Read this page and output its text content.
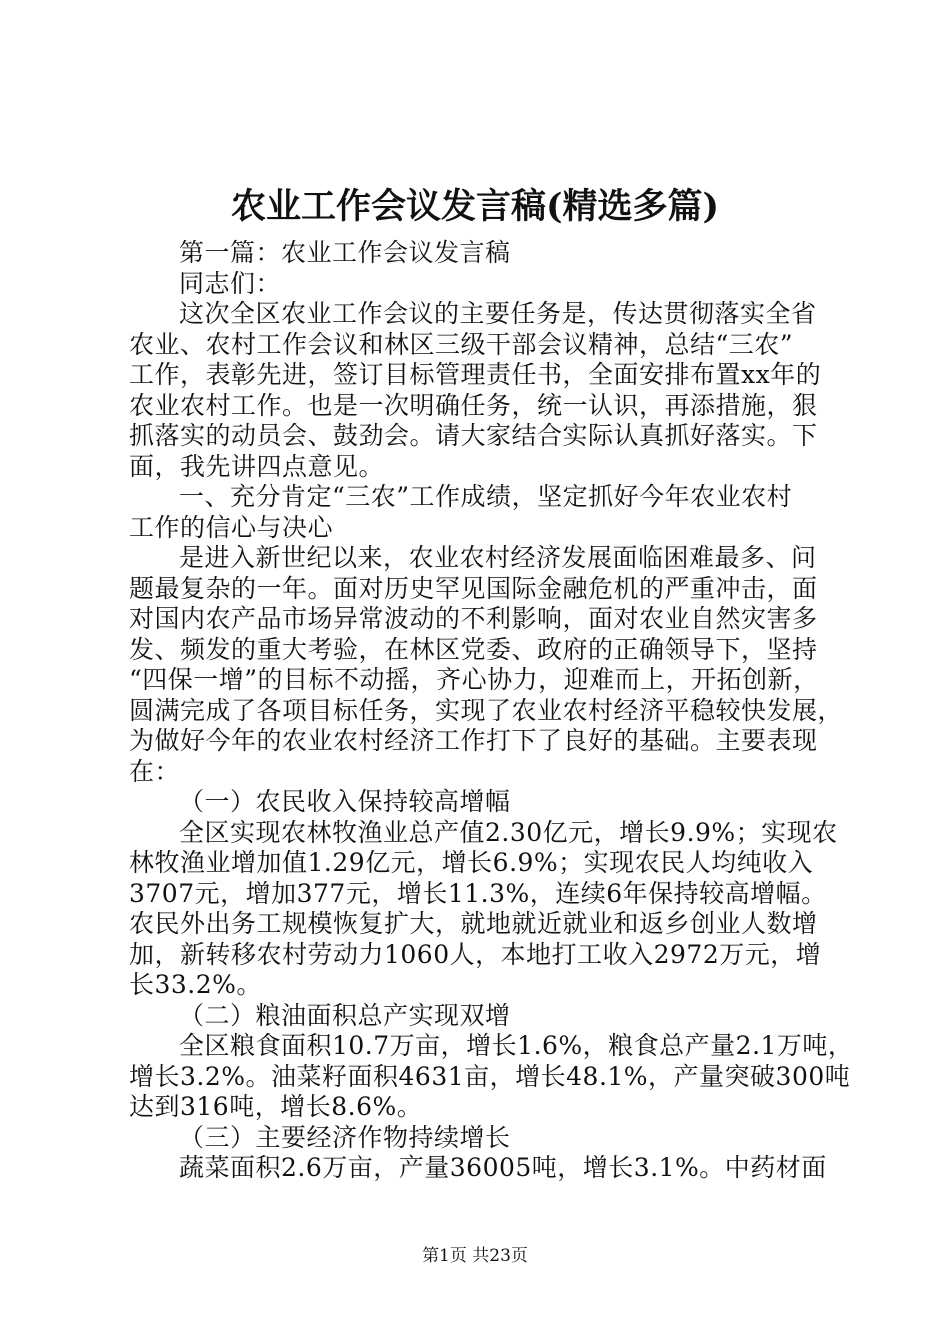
农业工作会议发言稿(精选多篇)
第一篇：农业工作会议发言稿
同志们：
这次全区农业工作会议的主要任务是，传达贯彻落实全省
农业、农村工作会议和林区三级干部会议精神，总结“三农”
工作，表彰先进，签订目标管理责任书，全面安排布置xx年的
农业农村工作。也是一次明确任务，统一认识，再添措施，狠
抓落实的动员会、鼓劲会。请大家结合实际认真抓好落实。下
面，我先讲四点意见。
一、充分肯定“三农”工作成绩，坚定抓好今年农业农村
工作的信心与决心
是进入新世纪以来，农业农村经济发展面临困难最多、问
题最复杂的一年。面对历史罕见国际金融危机的严重冲击，面
对国内农产品市场异常波动的不利影响，面对农业自然灾害多
发、频发的重大考验，在林区党委、政府的正确领导下，坚持
“四保一增”的目标不动摇，齐心协力，迎难而上，开拓创新，
圆满完成了各项目标任务，实现了农业农村经济平稳较快发展，
为做好今年的农业农村经济工作打下了良好的基础。主要表现
在：
（一）农民收入保持较高增幅
全区实现农林牧渔业总产值2.30亿元，增长9.9%；实现农
林牧渔业增加值1.29亿元，增长6.9%；实现农民人均纯收入
3707元，增加377元，增长11.3%，连续6年保持较高增幅。
农民外出务工规模恢复扩大，就地就近就业和返乡创业人数增
加，新转移农村劳动力1060人，本地打工收入2972万元，增
长33.2%。
（二）粮油面积总产实现双增
全区粮食面积10.7万亩，增长1.6%，粮食总产量2.1万吨，
增长3.2%。油菜籽面积4631亩，增长48.1%，产量突破300吨
达到316吨，增长8.6%。
（三）主要经济作物持续增长
蔬菜面积2.6万亩，产量36005吨，增长3.1%。中药材面
第1页 共23页
